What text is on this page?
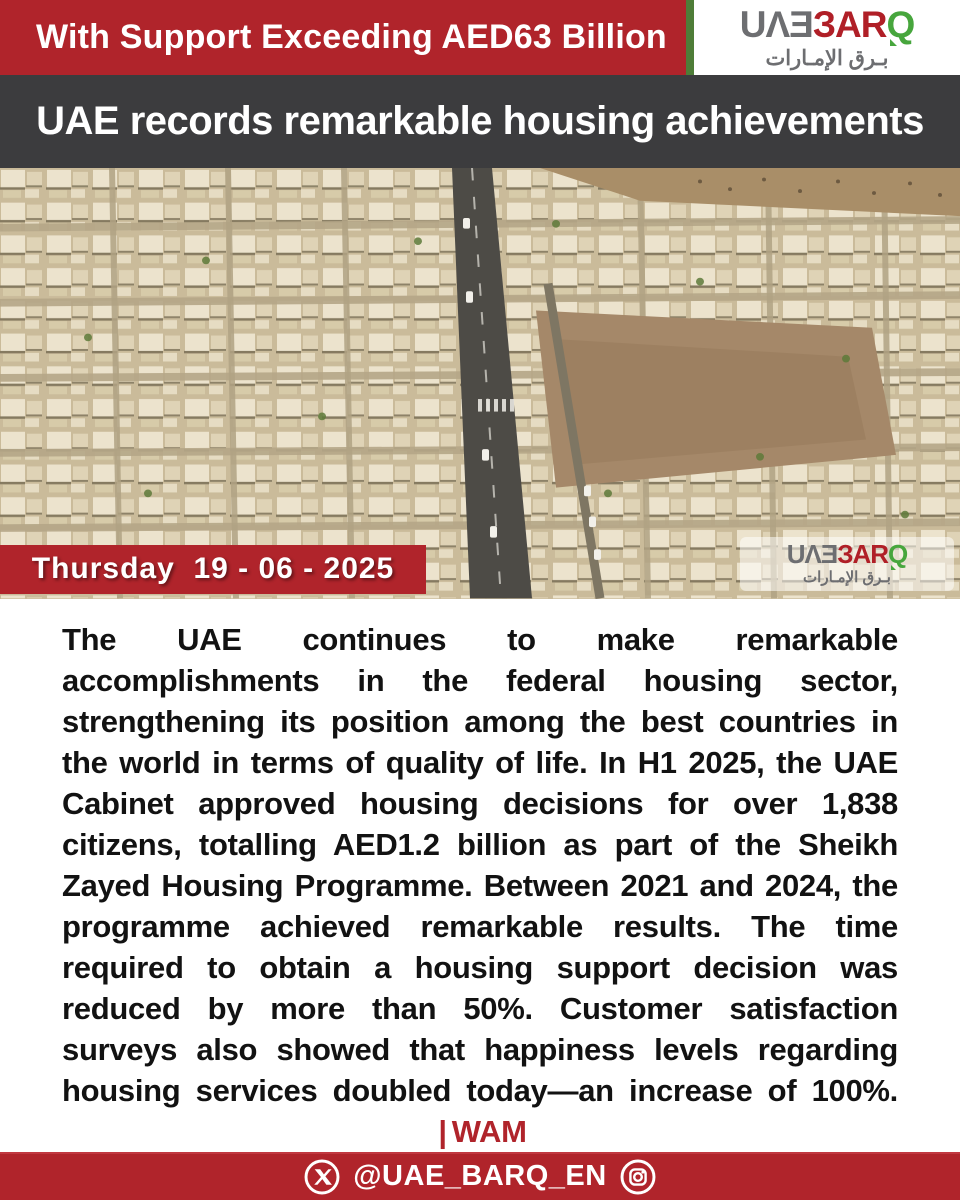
With Support Exceeding AED63 Billion UΛƎЗARQ
بـرق الإمـارات
UAE records remarkable housing achievements
Thursday  19 - 06 - 2025	UΛƎЗARQ
بـرق الإمـارات

The UAE continues to make remarkable accomplishments in the federal housing sector, strengthening its position among the best countries in the world in terms of quality of life. In H1 2025, the UAE Cabinet approved housing decisions for over 1,838 citizens, totalling AED1.2 billion as part of the Sheikh Zayed Housing Programme. Between 2021 and 2024, the programme achieved remarkable results. The time required to obtain a housing support decision was reduced by more than 50%. Customer satisfaction surveys also showed that happiness levels regarding housing services doubled today—an increase of 100%. | WAM

@UAE_BARQ_EN
